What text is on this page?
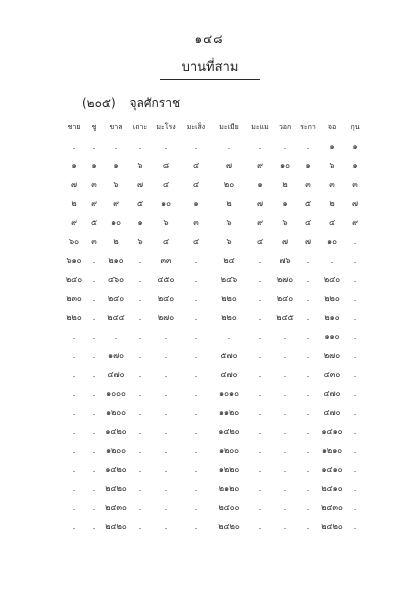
๑๔๘
บานที่สาม
(๒๐๕) จุลศักราช
ชาย	ชู	ขาล	เถาะ	มะโรง	มะเส็ง	มะเมีย	มะแม	วอก	ระกา	จอ	กุน
.	.	.	.	.	.	.	.	.	.	๑	๑
๑	๑	๑	๖	๘	๔	๗	๙	๑๐	๑	๖	๑
๗	๓	๖	๗	๔	๔	๒๐	๑	๒	๓	๓	๓
๒	๙	๙	๕	๑๐	๑	๒	๗	๑	๕	๒	๗
๙	๕	๑๐	๑	๖	๓	๖	๙	๖	๔	๔	๙
๖๐	๓	๒	๖	๔	๔	๖	๔	๗	๗	๑๐	.
๖๑๐	.	๒๑๐	.	๓๓	.	๒๔	.	๗๖	.	.	.
๒๔๐	.	๔๖๐	.	๔๕๐	.	๒๔๖	.	๒๗๐	.	๒๔๐	.
๒๓๐	.	๒๔๐	.	๒๔๐	.	๒๒๐	.	๒๔๐	.	๒๒๐	.
๒๒๐	.	๒๔๔	.	๒๗๐	.	๒๒๐	.	๒๔๕	.	๒๑๐	.
.	.	.	.	.	.	.	.	.	.	๑๑๐	.
.	.	๑๗๐	.	.	.	๕๗๐	.	.	.	๒๗๐	.
.	.	๔๗๐	.	.	.	๔๗๐	.	.	.	๔๓๐	.
.	.	๑๐๐๐	.	.	.	๑๐๑๐	.	.	.	๔๗๐	.
.	.	๑๒๐๐	.	.	.	๑๑๒๐	.	.	.	๔๗๐	.
.	.	๑๔๒๐	.	.	.	๑๔๒๐	.	.	.	๑๔๑๐	.
.	.	๑๒๐๐	.	.	.	๑๒๐๐	.	.	.	๑๒๑๐	.
.	.	๑๔๒๐	.	.	.	๑๒๒๐	.	.	.	๑๔๑๐	.
.	.	๒๔๒๐	.	.	.	๒๑๒๐	.	.	.	๒๔๑๐	.
.	.	๒๔๓๐	.	.	.	๒๔๐๐	.	.	.	๒๔๓๐	.
.	.	๒๔๒๐	.	.	.	๒๔๒๐	.	.	.	๒๔๒๐	.
